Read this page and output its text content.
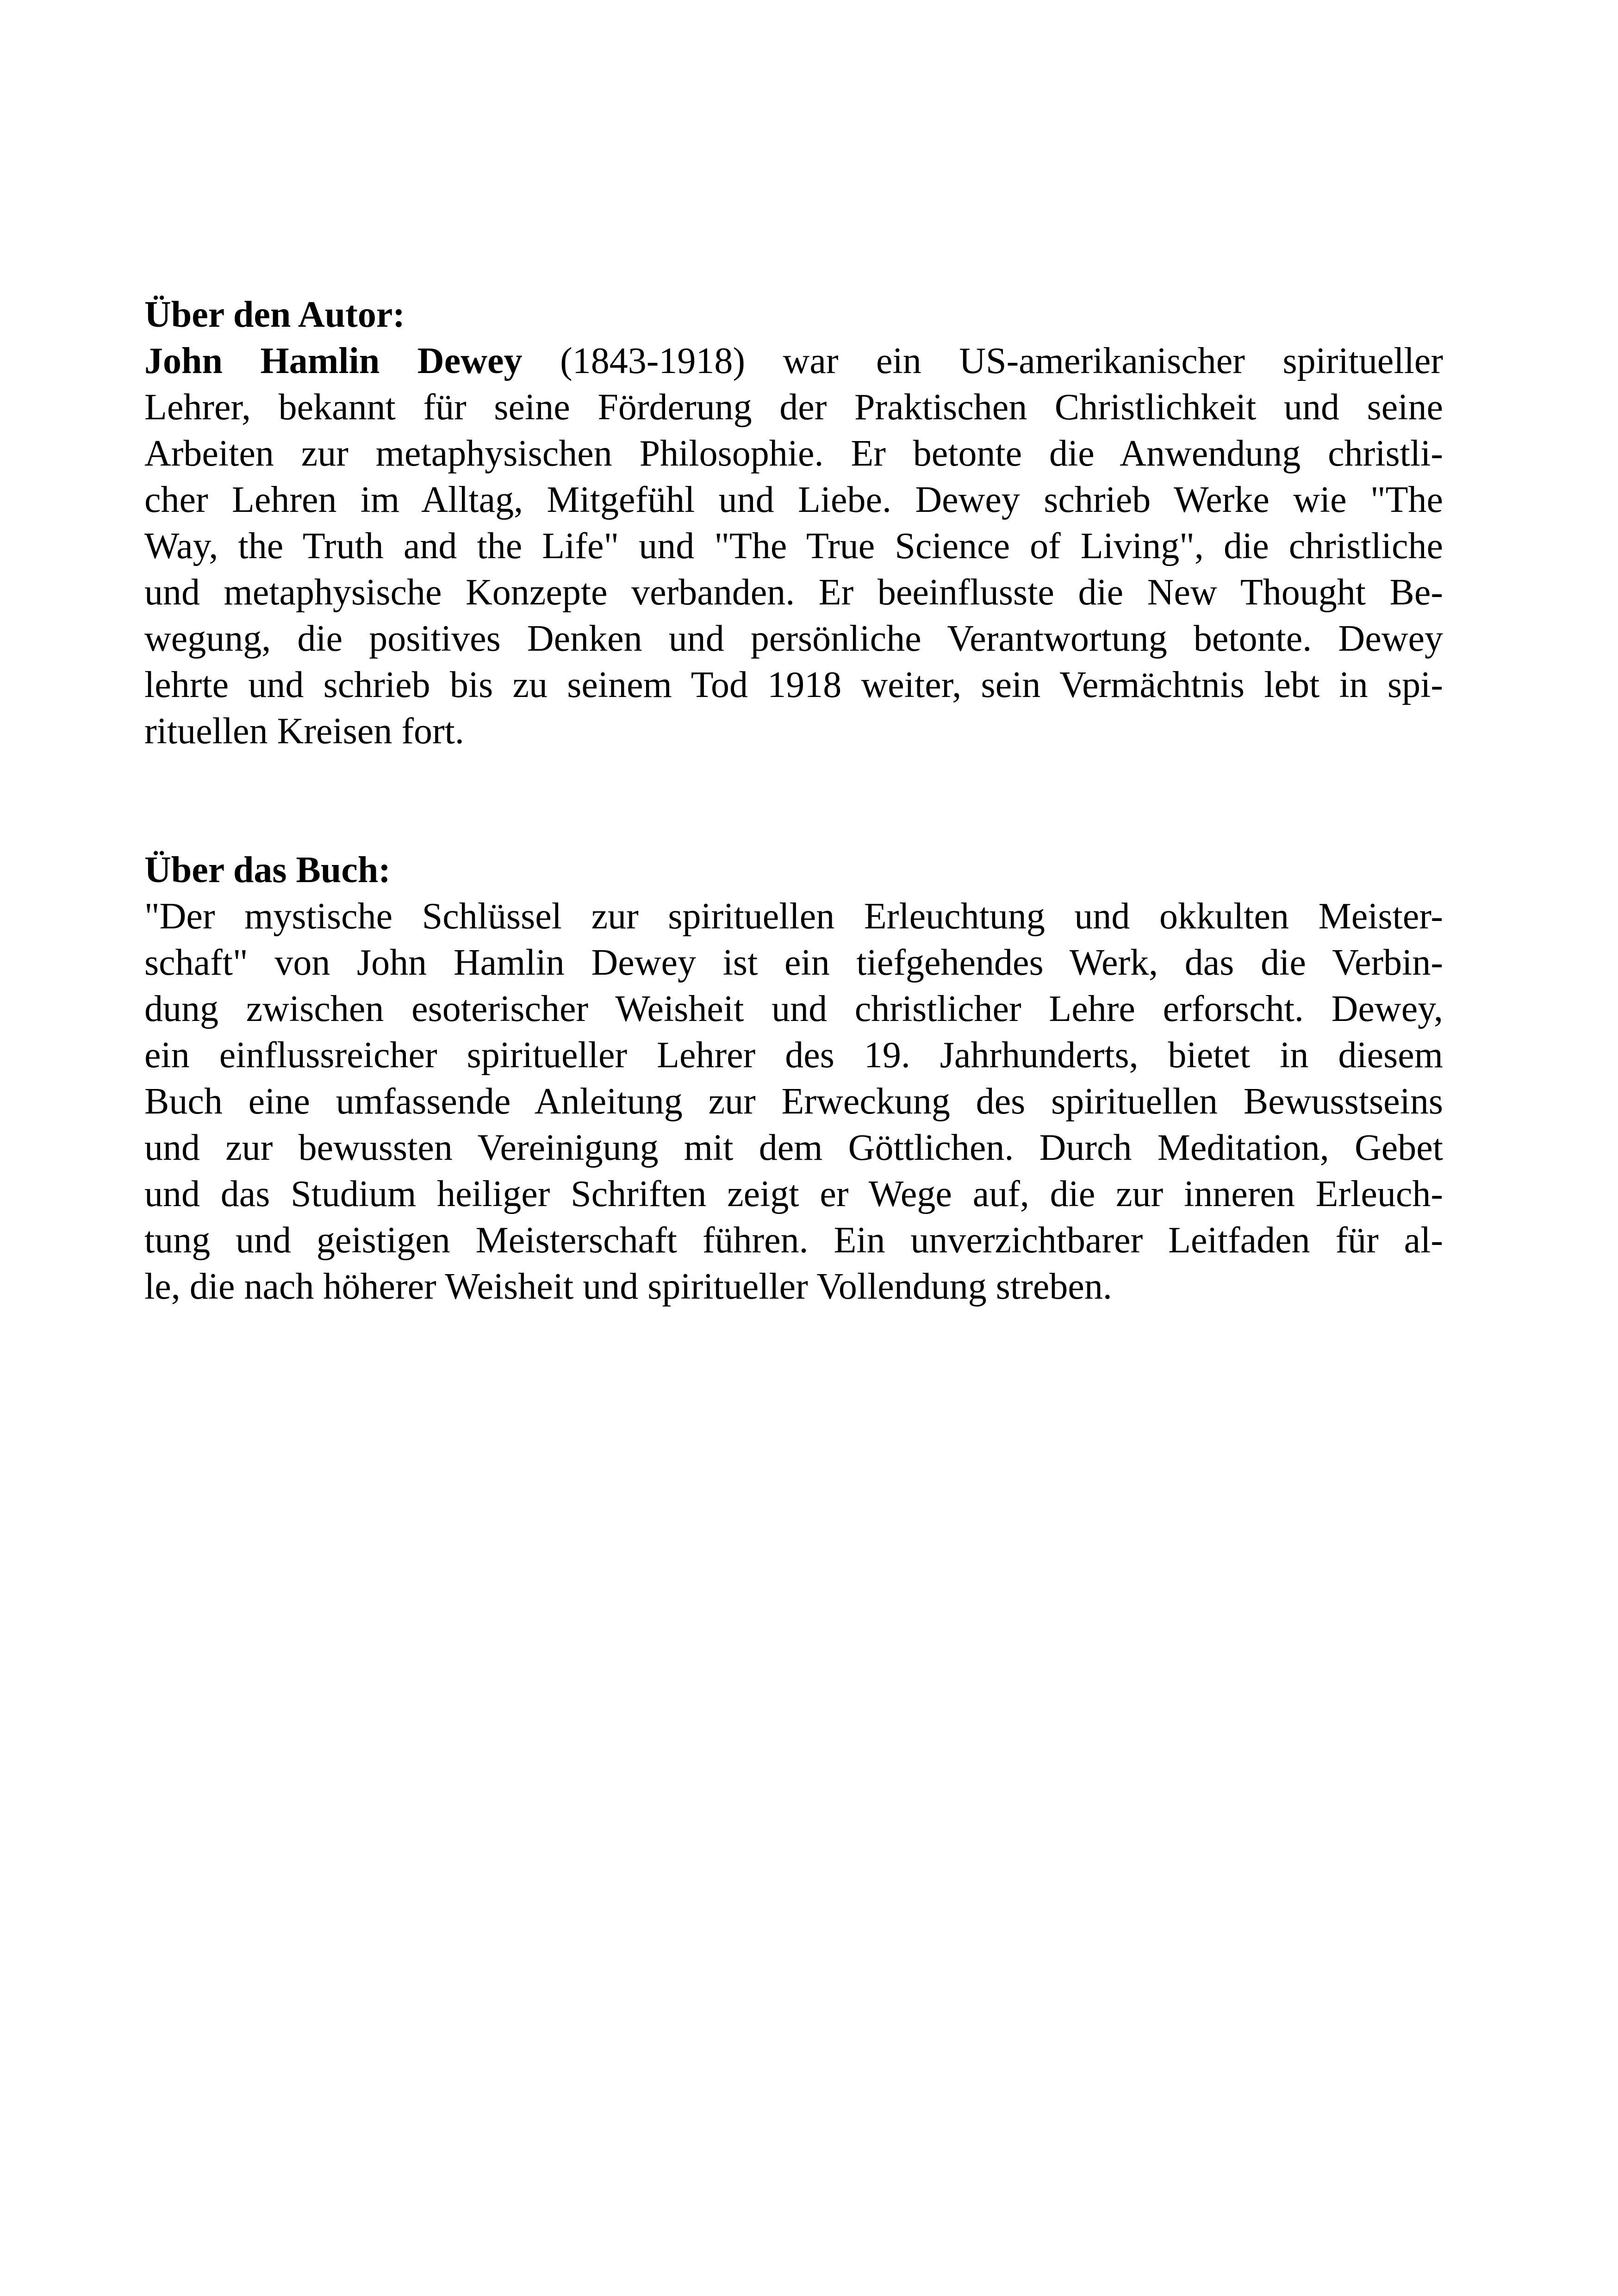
Über den Autor:
John Hamlin Dewey (1843-1918) war ein US-amerikanischer spiritueller
Lehrer, bekannt für seine Förderung der Praktischen Christlichkeit und seine
Arbeiten zur metaphysischen Philosophie. Er betonte die Anwendung christli-
cher Lehren im Alltag, Mitgefühl und Liebe. Dewey schrieb Werke wie "The
Way, the Truth and the Life" und "The True Science of Living", die christliche
und metaphysische Konzepte verbanden. Er beeinflusste die New Thought Be-
wegung, die positives Denken und persönliche Verantwortung betonte. Dewey
lehrte und schrieb bis zu seinem Tod 1918 weiter, sein Vermächtnis lebt in spi-
rituellen Kreisen fort.
Über das Buch:
"Der mystische Schlüssel zur spirituellen Erleuchtung und okkulten Meister-
schaft" von John Hamlin Dewey ist ein tiefgehendes Werk, das die Verbin-
dung zwischen esoterischer Weisheit und christlicher Lehre erforscht. Dewey,
ein einflussreicher spiritueller Lehrer des 19. Jahrhunderts, bietet in diesem
Buch eine umfassende Anleitung zur Erweckung des spirituellen Bewusstseins
und zur bewussten Vereinigung mit dem Göttlichen. Durch Meditation, Gebet
und das Studium heiliger Schriften zeigt er Wege auf, die zur inneren Erleuch-
tung und geistigen Meisterschaft führen. Ein unverzichtbarer Leitfaden für al-
le, die nach höherer Weisheit und spiritueller Vollendung streben.
